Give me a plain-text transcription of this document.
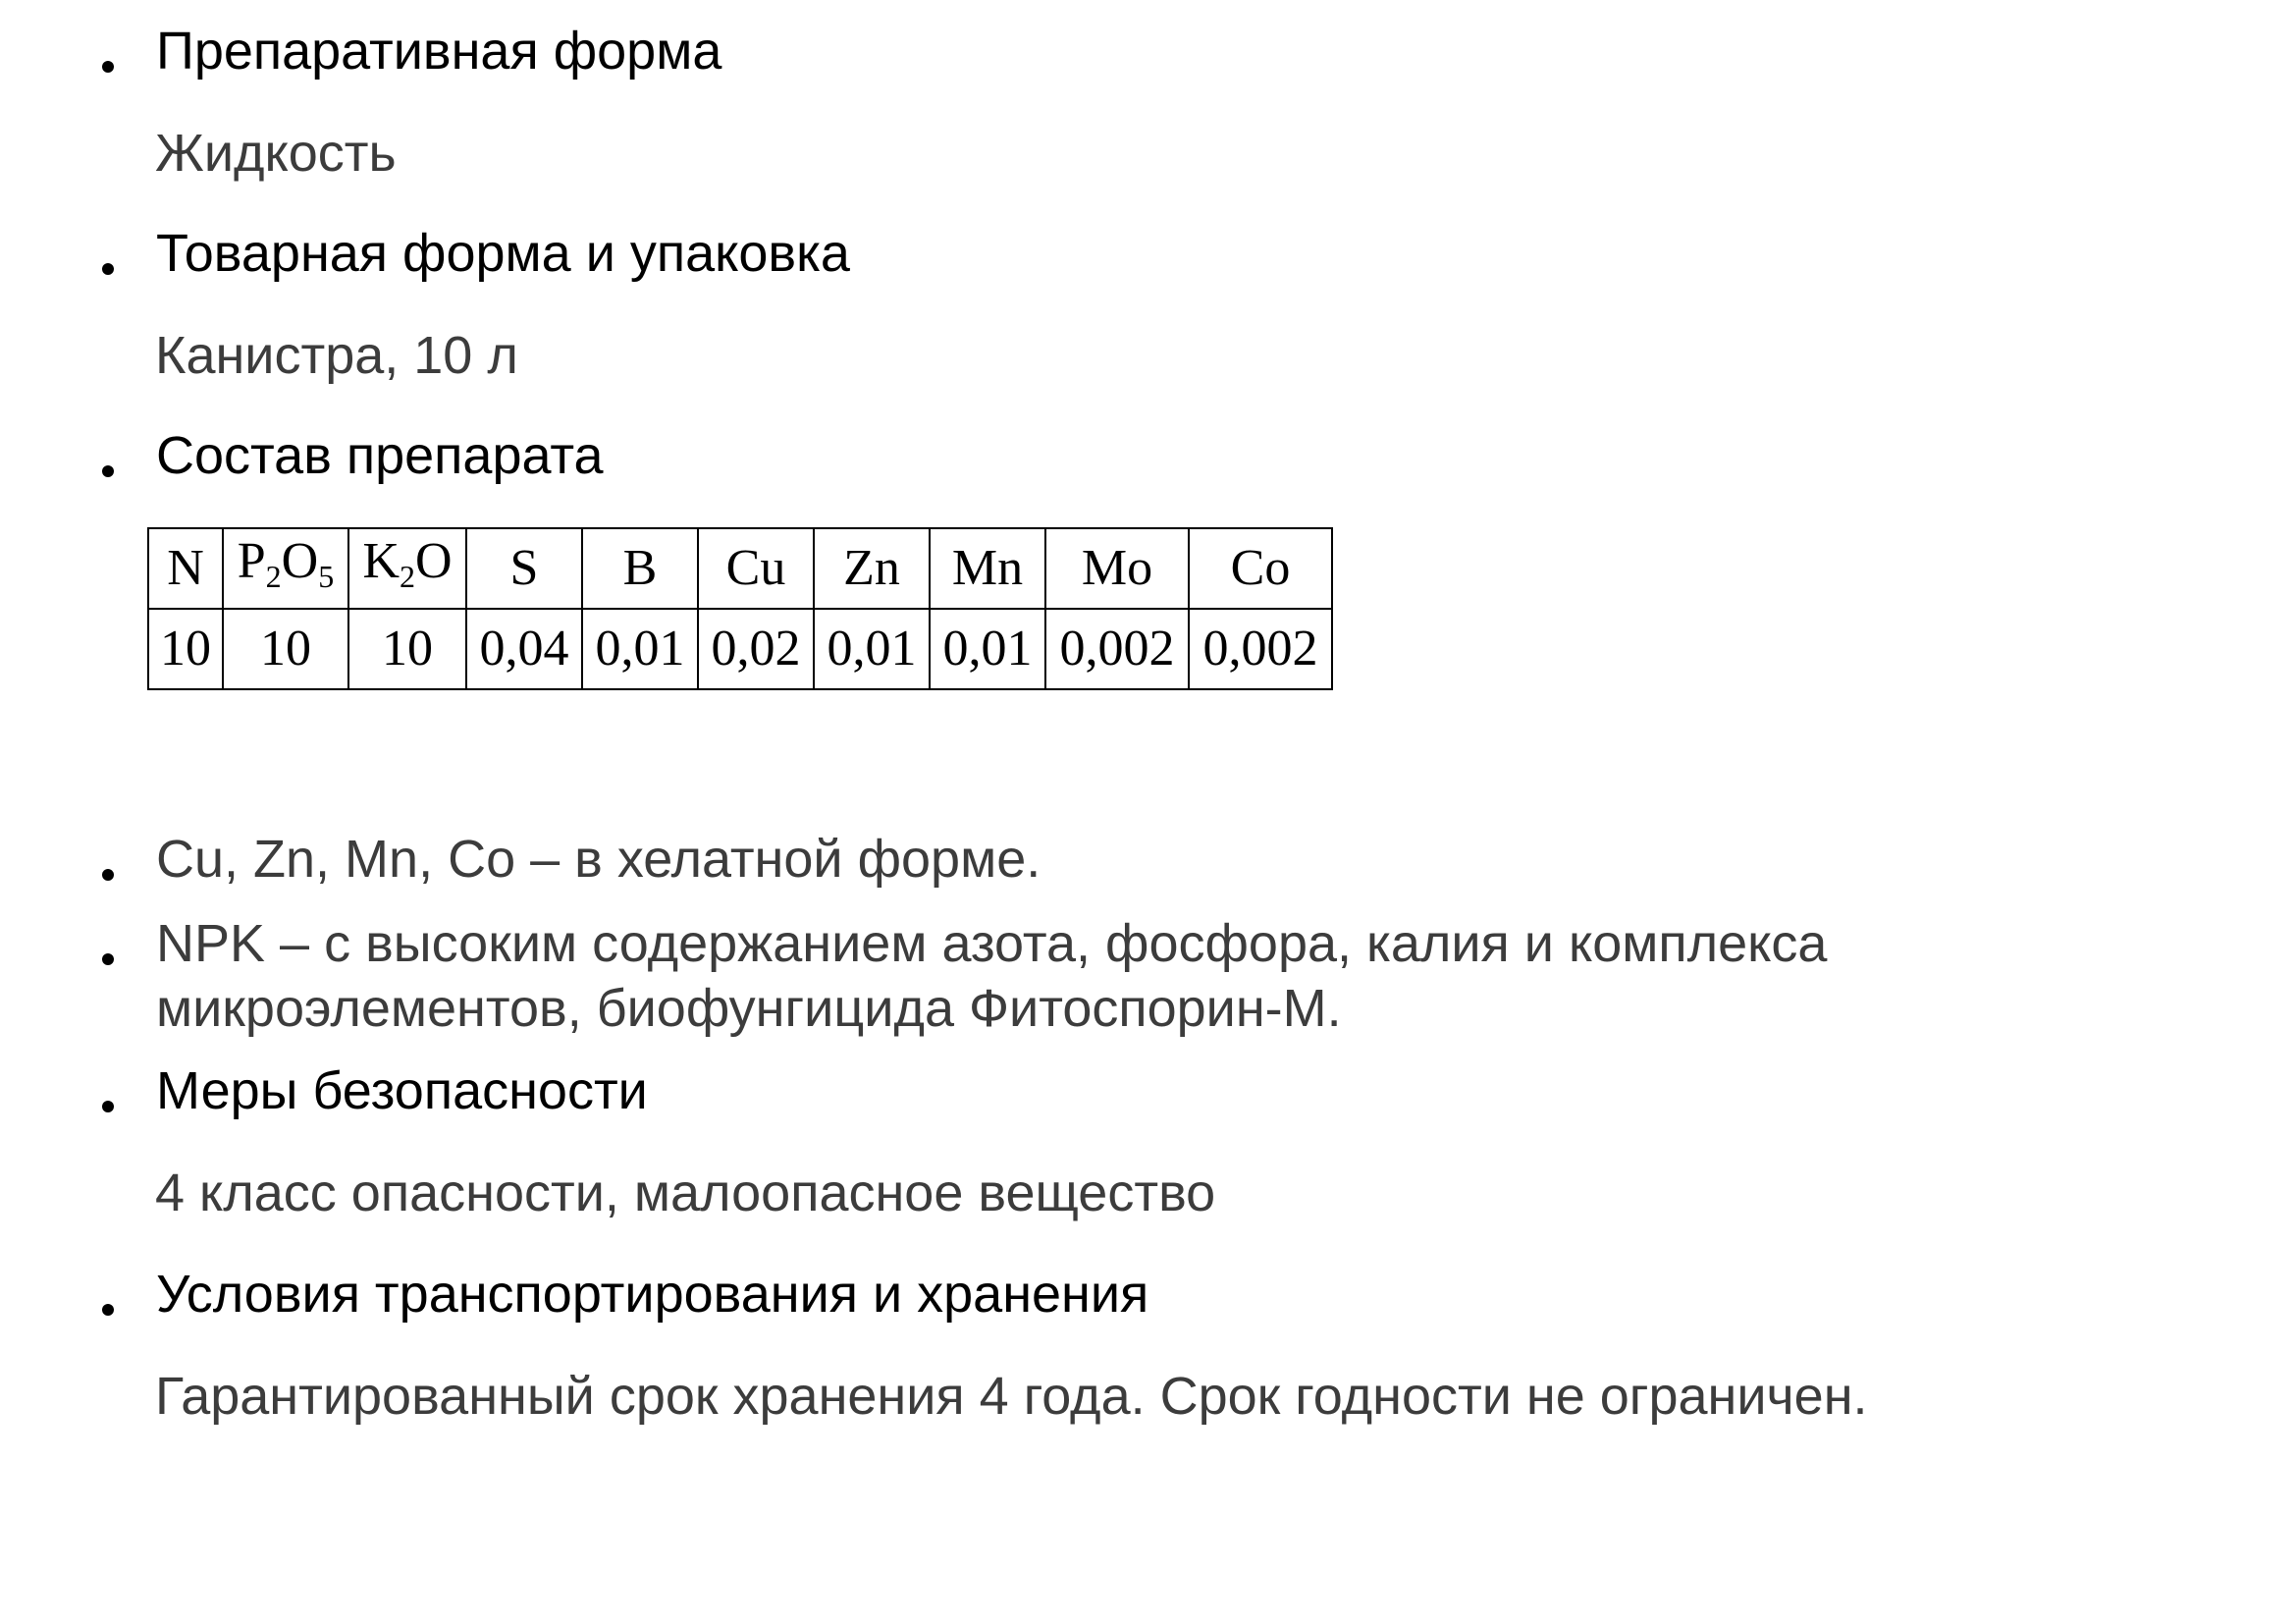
Препаративная форма
Жидкость
Товарная форма и упаковка
Канистра, 10 л
Состав препарата
N	$P_2O_5$	$K_2O$	S	B	Cu	Zn	Mn	Mo	Co
10	10	10	0,04	0,01	0,02	0,01	0,01	0,002	0,002
Cu, Zn, Mn, Co – в хелатной форме.
NPK – с высоким содержанием азота, фосфора, калия и комплекса
микроэлементов, биофунгицида Фитоспорин-М.
Меры безопасности
4 класс опасности, малоопасное вещество
Условия транспортирования и хранения
Гарантированный срок хранения 4 года. Срок годности не ограничен.
